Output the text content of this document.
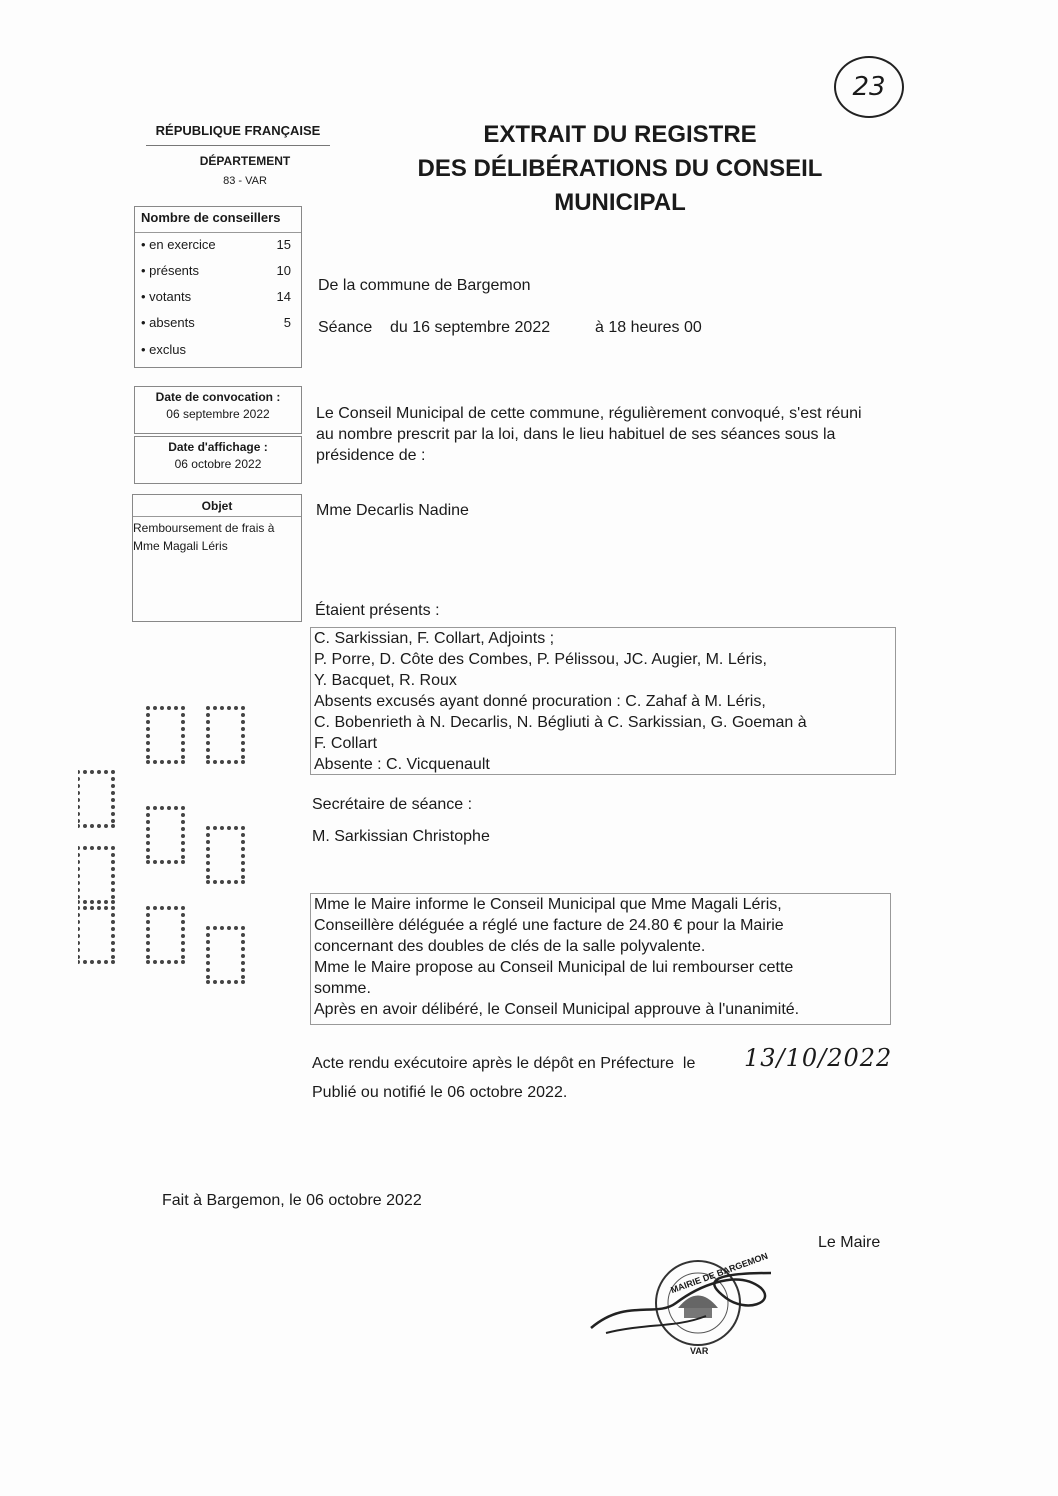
23
RÉPUBLIQUE FRANÇAISE
DÉPARTEMENT
83 - VAR
EXTRAIT DU REGISTRE
DES DÉLIBÉRATIONS DU CONSEIL
MUNICIPAL
Nombre de conseillers
• en exercice	15
• présents	10
• votants	14
• absents	5
• exclus
Date de convocation :
06 septembre 2022
Date d'affichage :
06 octobre 2022
Objet
Remboursement de frais à Mme Magali Léris
De la commune de Bargemon
Séance du 16 septembre 2022	à 18 heures 00
Le Conseil Municipal de cette commune, régulièrement convoqué, s'est réuni au nombre prescrit par la loi, dans le lieu habituel de ses séances sous la présidence de :
Mme Decarlis Nadine
Étaient présents :
C. Sarkissian, F. Collart, Adjoints ;
P. Porre, D. Côte des Combes, P. Pélissou, JC. Augier, M. Léris,
Y. Bacquet, R. Roux
Absents excusés ayant donné procuration : C. Zahaf à M. Léris,
C. Bobenrieth à N. Decarlis, N. Bégliuti à C. Sarkissian, G. Goeman à
F. Collart
Absente : C. Vicquenault
Secrétaire de séance :
M. Sarkissian Christophe
Mme le Maire informe le Conseil Municipal que Mme Magali Léris,
Conseillère déléguée a réglé une facture de 24.80 € pour la Mairie
concernant des doubles de clés de la salle polyvalente.
Mme le Maire propose au Conseil Municipal de lui rembourser cette
somme.
Après en avoir délibéré, le Conseil Municipal approuve à l'unanimité.
Acte rendu exécutoire après le dépôt en Préfecture  le 13/10/2022
Publié ou notifié le 06 octobre 2022.
Fait à Bargemon, le 06 octobre 2022
Le Maire
MAIRIE DE BARGEMON
VAR
